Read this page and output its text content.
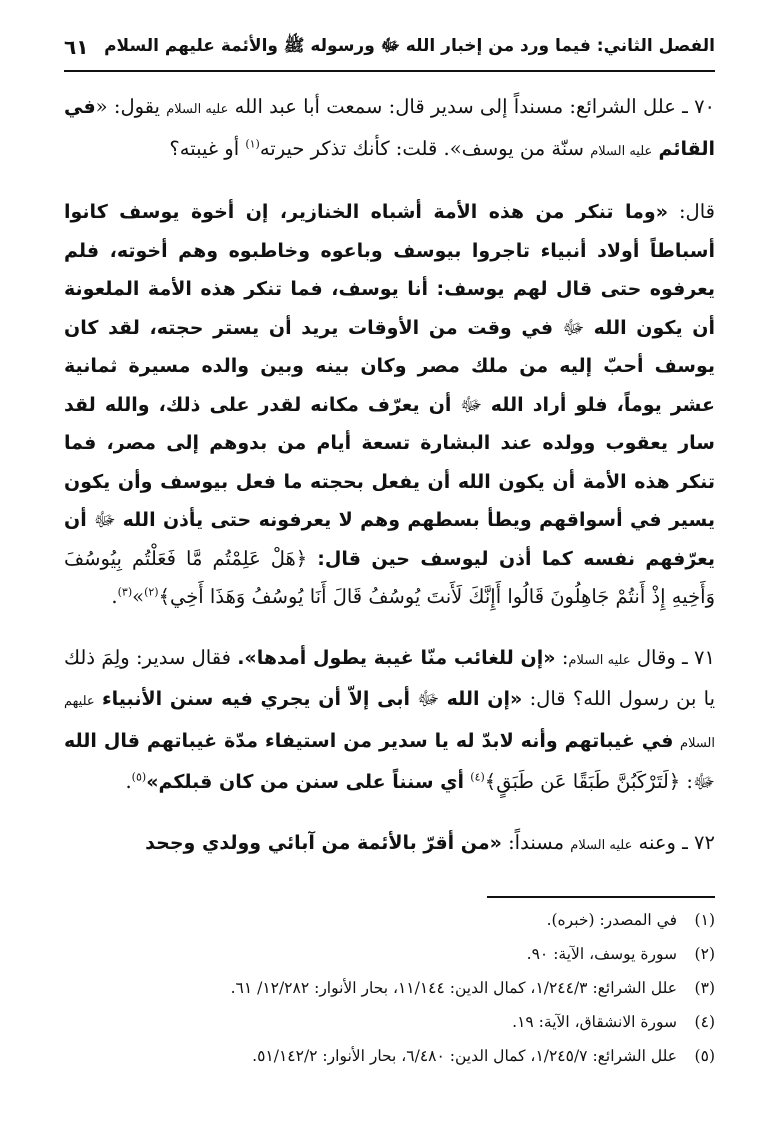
الفصل الثاني: فيما ورد من إخبار الله ﷻ ورسوله ﷺ والأئمة عليهم السلام
٦١

٧٠ ـ علل الشرائع: مسنداً إلى سدير قال: سمعت أبا عبد الله عليه السلام يقول: «في القائم عليه السلام سنّة من يوسف». قلت: كأنك تذكر حيرته$^{(١)}$ أو غيبته؟

قال: «وما تنكر من هذه الأمة أشباه الخنازير، إن أخوة يوسف كانوا أسباطاً أولاد أنبياء تاجروا بيوسف وباعوه وخاطبوه وهم أخوته، فلم يعرفوه حتى قال لهم يوسف: أنا يوسف، فما تنكر هذه الأمة الملعونة أن يكون الله ﷻ في وقت من الأوقات يريد أن يستر حجته، لقد كان يوسف أحبّ إليه من ملك مصر وكان بينه وبين والده مسيرة ثمانية عشر يوماً، فلو أراد الله ﷻ أن يعرّف مكانه لقدر على ذلك، والله لقد سار يعقوب وولده عند البشارة تسعة أيام من بدوهم إلى مصر، فما تنكر هذه الأمة أن يكون الله أن يفعل بحجته ما فعل بيوسف وأن يكون يسير في أسواقهم ويطأ بسطهم وهم لا يعرفونه حتى يأذن الله ﷻ أن يعرّفهم نفسه كما أذن ليوسف حين قال: ﴿هَلْ عَلِمْتُم مَّا فَعَلْتُم بِيُوسُفَ وَأَخِيهِ إِذْ أَنتُمْ جَاهِلُونَ قَالُوا أَإِنَّكَ لَأَنتَ يُوسُفُ قَالَ أَنَا يُوسُفُ وَهَذَا أَخِي﴾$^{(٢)}$»$^{(٣)}$.

٧١ ـ وقال عليه السلام: «إن للغائب منّا غيبة يطول أمدها». فقال سدير: ولِمَ ذلك يا بن رسول الله؟ قال: «إن الله ﷻ أبى إلاّ أن يجري فيه سنن الأنبياء عليهم السلام في غيباتهم وأنه لابدّ له يا سدير من استيفاء مدّة غيباتهم قال الله ﷻ: ﴿لَتَرْكَبُنَّ طَبَقًا عَن طَبَقٍ﴾$^{(٤)}$ أي سنناً على سنن من كان قبلكم»$^{(٥)}$.

٧٢ ـ وعنه عليه السلام مسنداً: «من أقرّ بالأئمة من آبائي وولدي وجحد

(١)
في المصدر: (خبره).
(٢)
سورة يوسف، الآية: ٩٠.
(٣)
علل الشرائع: ١/٢٤٤/٣، كمال الدين: ١١/١٤٤، بحار الأنوار: ١٢/٢٨٢/ ٦١.
(٤)
سورة الانشقاق، الآية: ١٩.
(٥)
علل الشرائع: ١/٢٤٥/٧، كمال الدين: ٦/٤٨٠، بحار الأنوار: ٥١/١٤٢/٢.
